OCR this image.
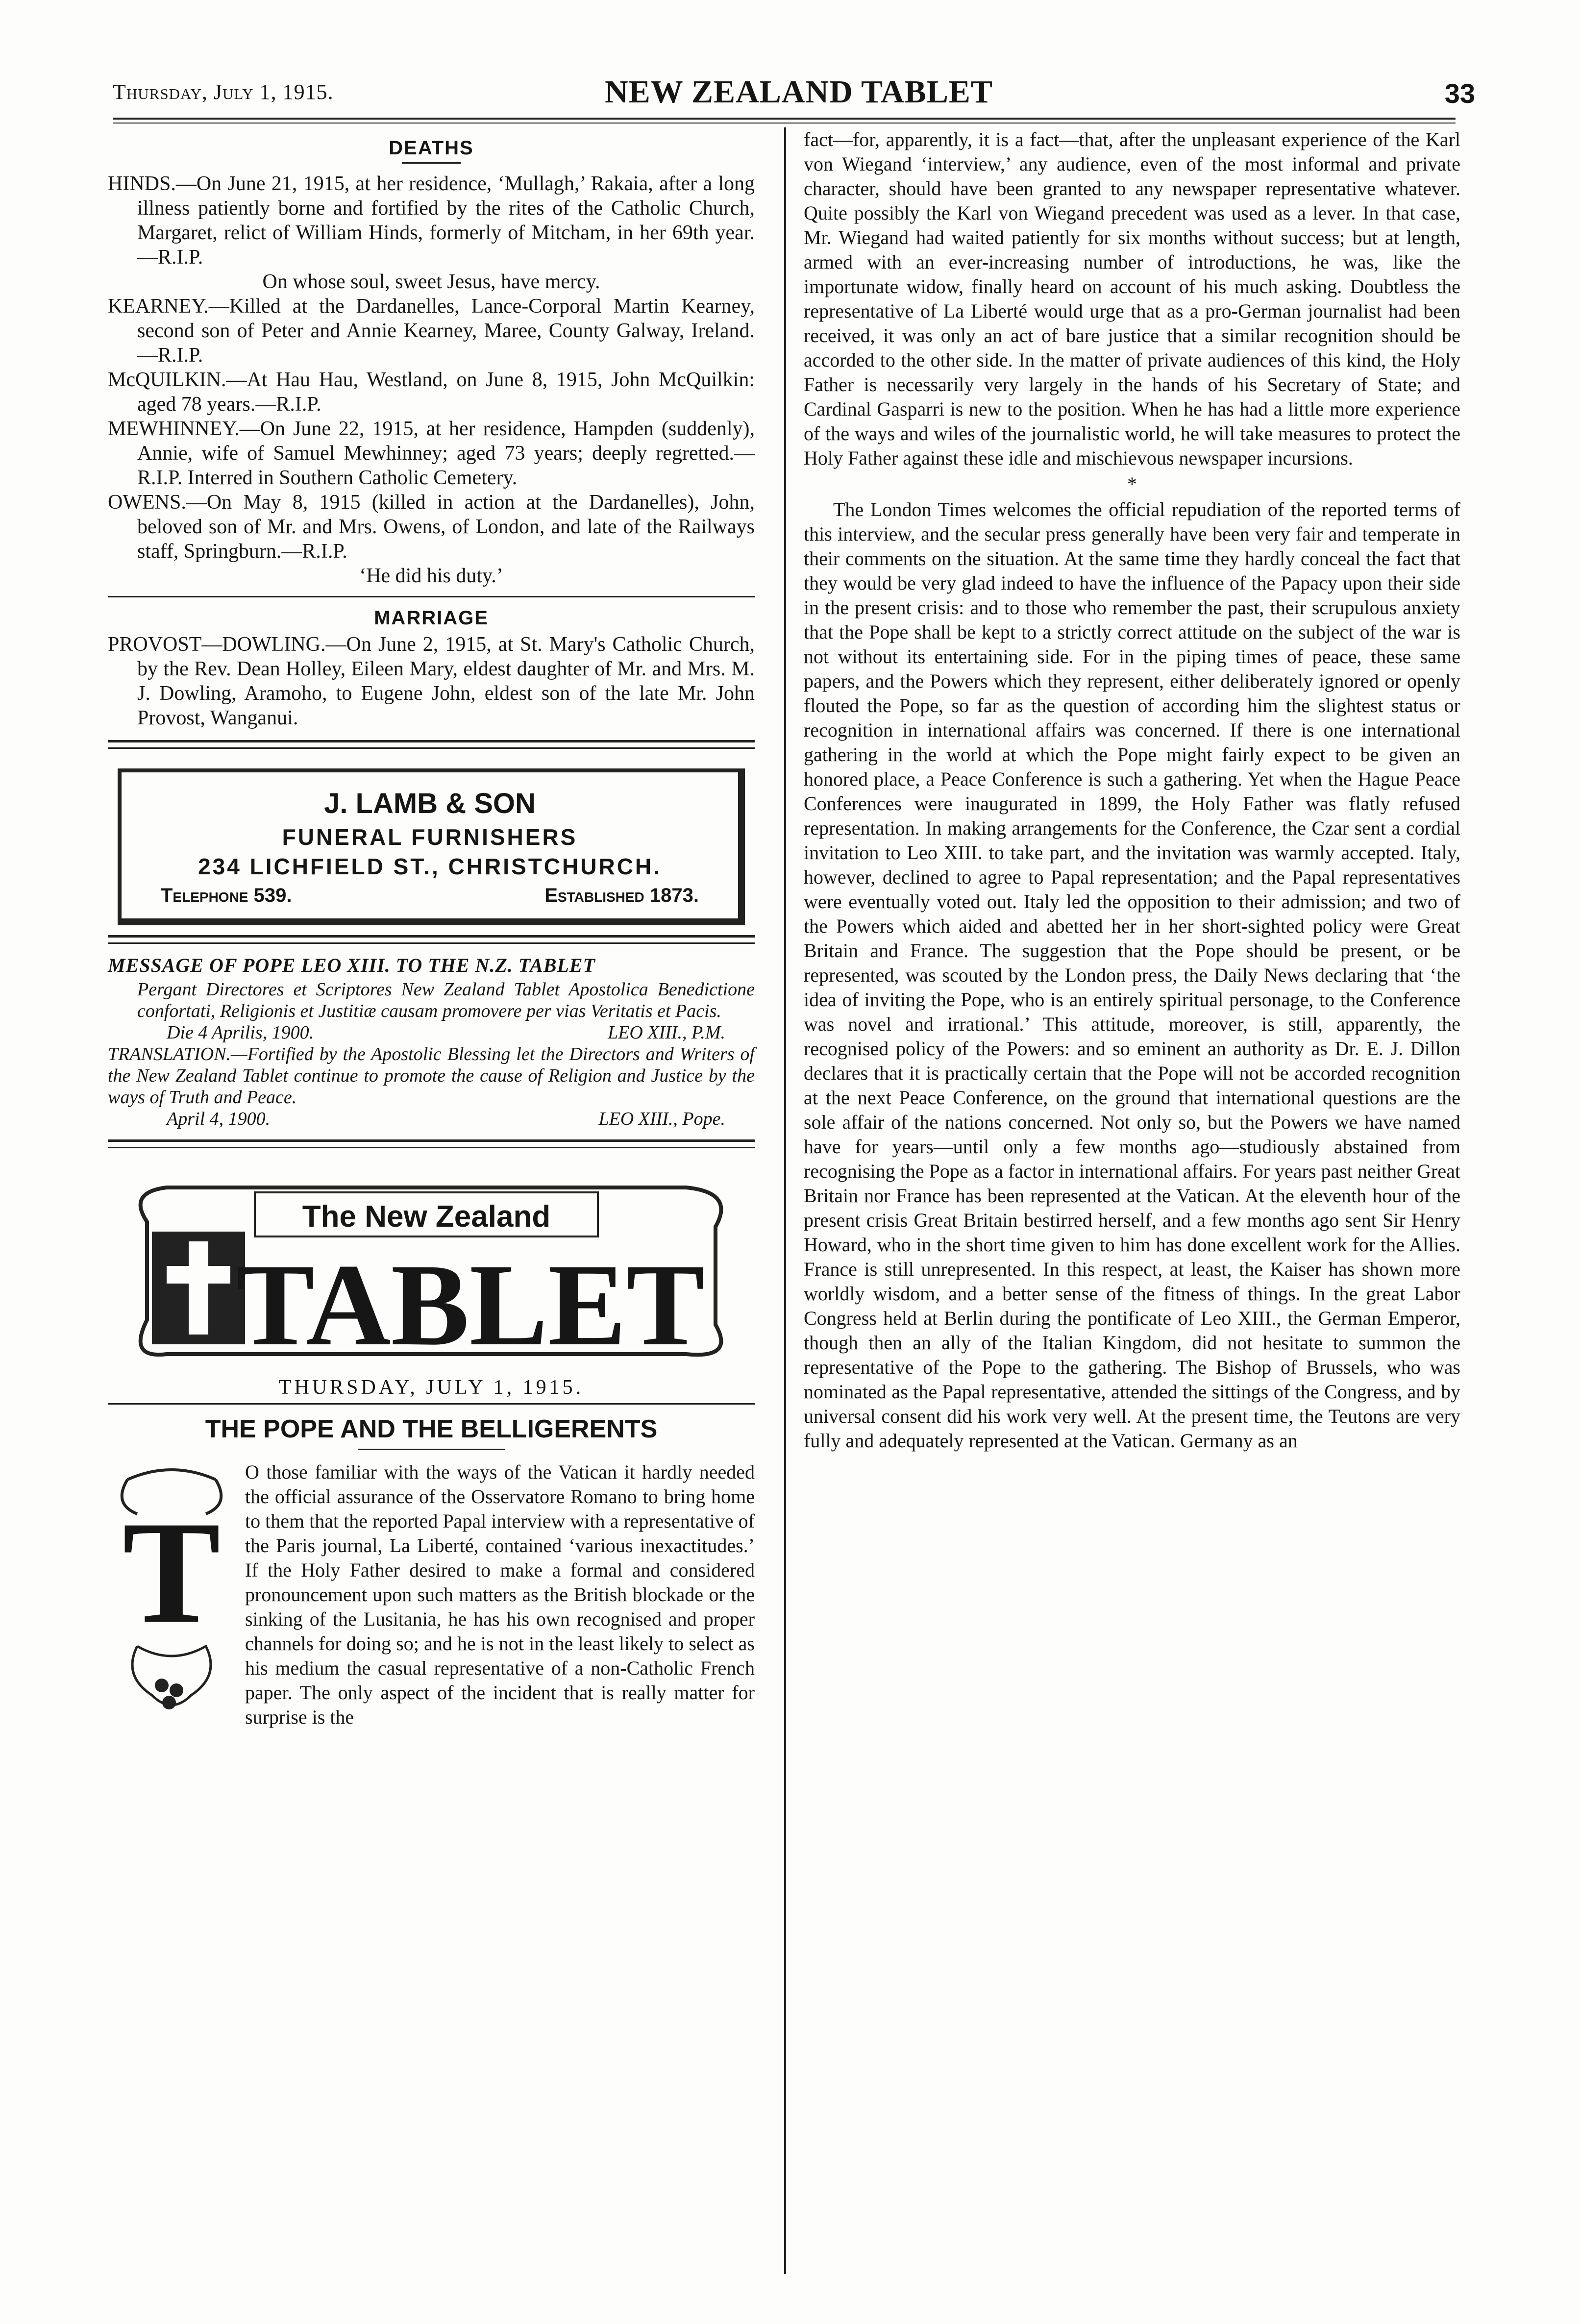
Thursday, July 1, 1915.	NEW ZEALAND TABLET	33
DEATHS

HINDS.—On June 21, 1915, at her residence, ‘Mullagh,’ Rakaia, after a long illness patiently borne and fortified by the rites of the Catholic Church, Margaret, relict of William Hinds, formerly of Mitcham, in her 69th year.—R.I.P.

On whose soul, sweet Jesus, have mercy.

KEARNEY.—Killed at the Dardanelles, Lance-Corporal Martin Kearney, second son of Peter and Annie Kearney, Maree, County Galway, Ireland.—R.I.P.

McQUILKIN.—At Hau Hau, Westland, on June 8, 1915, John McQuilkin: aged 78 years.—R.I.P.

MEWHINNEY.—On June 22, 1915, at her residence, Hampden (suddenly), Annie, wife of Samuel Mewhinney; aged 73 years; deeply regretted.—R.I.P. Interred in Southern Catholic Cemetery.

OWENS.—On May 8, 1915 (killed in action at the Dardanelles), John, beloved son of Mr. and Mrs. Owens, of London, and late of the Railways staff, Springburn.—R.I.P.

‘He did his duty.’

MARRIAGE

PROVOST—DOWLING.—On June 2, 1915, at St. Mary's Catholic Church, by the Rev. Dean Holley, Eileen Mary, eldest daughter of Mr. and Mrs. M. J. Dowling, Aramoho, to Eugene John, eldest son of the late Mr. John Provost, Wanganui.

J. LAMB & SON
FUNERAL FURNISHERS
234 LICHFIELD ST., CHRISTCHURCH.
Telephone 539.	Established 1873.
MESSAGE OF POPE LEO XIII. TO THE N.Z. TABLET

Pergant Directores et Scriptores New Zealand Tablet Apostolica Benedictione confortati, Religionis et Justitiæ causam promovere per vias Veritatis et Pacis.

Die 4 Aprilis, 1900.	LEO XIII., P.M.

TRANSLATION.—Fortified by the Apostolic Blessing let the Directors and Writers of the New Zealand Tablet continue to promote the cause of Religion and Justice by the ways of Truth and Peace.

April 4, 1900.	LEO XIII., Pope.
The New Zealand
TABLET
THURSDAY, JULY 1, 1915.
THE POPE AND THE BELLIGERENTS
T

O those familiar with the ways of the Vatican it hardly needed the official assurance of the Osservatore Romano to bring home to them that the reported Papal interview with a representative of the Paris journal, La Liberté, contained ‘various inexactitudes.’ If the Holy Father desired to make a formal and considered pronouncement upon such matters as the British blockade or the sinking of the Lusitania, he has his own recognised and proper channels for doing so; and he is not in the least likely to select as his medium the casual representative of a non-Catholic French paper. The only aspect of the incident that is really matter for surprise is the

fact—for, apparently, it is a fact—that, after the unpleasant experience of the Karl von Wiegand ‘interview,’ any audience, even of the most informal and private character, should have been granted to any newspaper representative whatever. Quite possibly the Karl von Wiegand precedent was used as a lever. In that case, Mr. Wiegand had waited patiently for six months without success; but at length, armed with an ever-increasing number of introductions, he was, like the importunate widow, finally heard on account of his much asking. Doubtless the representative of La Liberté would urge that as a pro-German journalist had been received, it was only an act of bare justice that a similar recognition should be accorded to the other side. In the matter of private audiences of this kind, the Holy Father is necessarily very largely in the hands of his Secretary of State; and Cardinal Gasparri is new to the position. When he has had a little more experience of the ways and wiles of the journalistic world, he will take measures to protect the Holy Father against these idle and mischievous newspaper incursions.

*

The London Times welcomes the official repudiation of the reported terms of this interview, and the secular press generally have been very fair and temperate in their comments on the situation. At the same time they hardly conceal the fact that they would be very glad indeed to have the influence of the Papacy upon their side in the present crisis: and to those who remember the past, their scrupulous anxiety that the Pope shall be kept to a strictly correct attitude on the subject of the war is not without its entertaining side. For in the piping times of peace, these same papers, and the Powers which they represent, either deliberately ignored or openly flouted the Pope, so far as the question of according him the slightest status or recognition in international affairs was concerned. If there is one international gathering in the world at which the Pope might fairly expect to be given an honored place, a Peace Conference is such a gathering. Yet when the Hague Peace Conferences were inaugurated in 1899, the Holy Father was flatly refused representation. In making arrangements for the Conference, the Czar sent a cordial invitation to Leo XIII. to take part, and the invitation was warmly accepted. Italy, however, declined to agree to Papal representation; and the Papal representatives were eventually voted out. Italy led the opposition to their admission; and two of the Powers which aided and abetted her in her short-sighted policy were Great Britain and France. The suggestion that the Pope should be present, or be represented, was scouted by the London press, the Daily News declaring that ‘the idea of inviting the Pope, who is an entirely spiritual personage, to the Conference was novel and irrational.’ This attitude, moreover, is still, apparently, the recognised policy of the Powers: and so eminent an authority as Dr. E. J. Dillon declares that it is practically certain that the Pope will not be accorded recognition at the next Peace Conference, on the ground that international questions are the sole affair of the nations concerned. Not only so, but the Powers we have named have for years—until only a few months ago—studiously abstained from recognising the Pope as a factor in international affairs. For years past neither Great Britain nor France has been represented at the Vatican. At the eleventh hour of the present crisis Great Britain bestirred herself, and a few months ago sent Sir Henry Howard, who in the short time given to him has done excellent work for the Allies. France is still unrepresented. In this respect, at least, the Kaiser has shown more worldly wisdom, and a better sense of the fitness of things. In the great Labor Congress held at Berlin during the pontificate of Leo XIII., the German Emperor, though then an ally of the Italian Kingdom, did not hesitate to summon the representative of the Pope to the gathering. The Bishop of Brussels, who was nominated as the Papal representative, attended the sittings of the Congress, and by universal consent did his work very well. At the present time, the Teutons are very fully and adequately represented at the Vatican. Germany as an
